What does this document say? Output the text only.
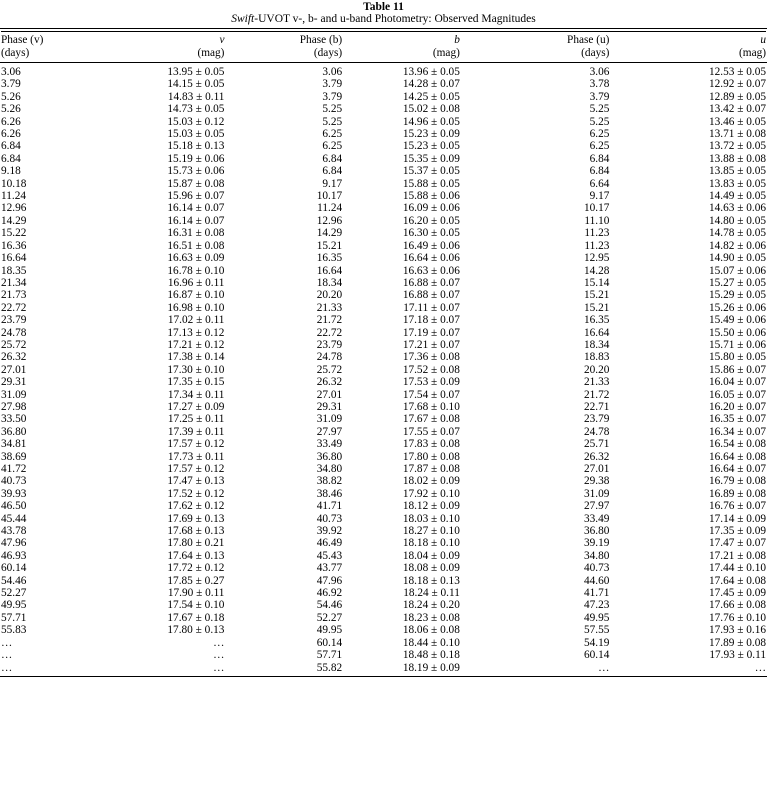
Table 11
Swift-UVOT v-, b- and u-band Photometry: Observed Magnitudes
Phase (v)	v	Phase (b)	b	Phase (u)	u

(days)	(mag)	(days)	(mag)	(days)	(mag)
3.06	13.95 ± 0.05	3.06	13.96 ± 0.05	3.06	12.53 ± 0.05
3.79	14.15 ± 0.05	3.79	14.28 ± 0.07	3.78	12.92 ± 0.07
5.26	14.83 ± 0.11	3.79	14.25 ± 0.05	3.79	12.89 ± 0.05
5.26	14.73 ± 0.05	5.25	15.02 ± 0.08	5.25	13.42 ± 0.07
6.26	15.03 ± 0.12	5.25	14.96 ± 0.05	5.25	13.46 ± 0.05
6.26	15.03 ± 0.05	6.25	15.23 ± 0.09	6.25	13.71 ± 0.08
6.84	15.18 ± 0.13	6.25	15.23 ± 0.05	6.25	13.72 ± 0.05
6.84	15.19 ± 0.06	6.84	15.35 ± 0.09	6.84	13.88 ± 0.08
9.18	15.73 ± 0.06	6.84	15.37 ± 0.05	6.84	13.85 ± 0.05
10.18	15.87 ± 0.08	9.17	15.88 ± 0.05	6.64	13.83 ± 0.05
11.24	15.96 ± 0.07	10.17	15.88 ± 0.06	9.17	14.49 ± 0.05
12.96	16.14 ± 0.07	11.24	16.09 ± 0.06	10.17	14.63 ± 0.06
14.29	16.14 ± 0.07	12.96	16.20 ± 0.05	11.10	14.80 ± 0.05
15.22	16.31 ± 0.08	14.29	16.30 ± 0.05	11.23	14.78 ± 0.05
16.36	16.51 ± 0.08	15.21	16.49 ± 0.06	11.23	14.82 ± 0.06
16.64	16.63 ± 0.09	16.35	16.64 ± 0.06	12.95	14.90 ± 0.05
18.35	16.78 ± 0.10	16.64	16.63 ± 0.06	14.28	15.07 ± 0.06
21.34	16.96 ± 0.11	18.34	16.88 ± 0.07	15.14	15.27 ± 0.05
21.73	16.87 ± 0.10	20.20	16.88 ± 0.07	15.21	15.29 ± 0.05
22.72	16.98 ± 0.10	21.33	17.11 ± 0.07	15.21	15.26 ± 0.06
23.79	17.02 ± 0.11	21.72	17.18 ± 0.07	16.35	15.49 ± 0.06
24.78	17.13 ± 0.12	22.72	17.19 ± 0.07	16.64	15.50 ± 0.06
25.72	17.21 ± 0.12	23.79	17.21 ± 0.07	18.34	15.71 ± 0.06
26.32	17.38 ± 0.14	24.78	17.36 ± 0.08	18.83	15.80 ± 0.05
27.01	17.30 ± 0.10	25.72	17.52 ± 0.08	20.20	15.86 ± 0.07
29.31	17.35 ± 0.15	26.32	17.53 ± 0.09	21.33	16.04 ± 0.07
31.09	17.34 ± 0.11	27.01	17.54 ± 0.07	21.72	16.05 ± 0.07
27.98	17.27 ± 0.09	29.31	17.68 ± 0.10	22.71	16.20 ± 0.07
33.50	17.25 ± 0.11	31.09	17.67 ± 0.08	23.79	16.35 ± 0.07
36.80	17.39 ± 0.11	27.97	17.55 ± 0.07	24.78	16.34 ± 0.07
34.81	17.57 ± 0.12	33.49	17.83 ± 0.08	25.71	16.54 ± 0.08
38.69	17.73 ± 0.11	36.80	17.80 ± 0.08	26.32	16.64 ± 0.08
41.72	17.57 ± 0.12	34.80	17.87 ± 0.08	27.01	16.64 ± 0.07
40.73	17.47 ± 0.13	38.82	18.02 ± 0.09	29.38	16.79 ± 0.08
39.93	17.52 ± 0.12	38.46	17.92 ± 0.10	31.09	16.89 ± 0.08
46.50	17.62 ± 0.12	41.71	18.12 ± 0.09	27.97	16.76 ± 0.07
45.44	17.69 ± 0.13	40.73	18.03 ± 0.10	33.49	17.14 ± 0.09
43.78	17.68 ± 0.13	39.92	18.27 ± 0.10	36.80	17.35 ± 0.09
47.96	17.80 ± 0.21	46.49	18.18 ± 0.10	39.19	17.47 ± 0.07
46.93	17.64 ± 0.13	45.43	18.04 ± 0.09	34.80	17.21 ± 0.08
60.14	17.72 ± 0.12	43.77	18.08 ± 0.09	40.73	17.44 ± 0.10
54.46	17.85 ± 0.27	47.96	18.18 ± 0.13	44.60	17.64 ± 0.08
52.27	17.90 ± 0.11	46.92	18.24 ± 0.11	41.71	17.45 ± 0.09
49.95	17.54 ± 0.10	54.46	18.24 ± 0.20	47.23	17.66 ± 0.08
57.71	17.67 ± 0.18	52.27	18.23 ± 0.08	49.95	17.76 ± 0.10
55.83	17.80 ± 0.13	49.95	18.06 ± 0.08	57.55	17.93 ± 0.16
…	…	60.14	18.44 ± 0.10	54.19	17.89 ± 0.08
…	…	57.71	18.48 ± 0.18	60.14	17.93 ± 0.11
…	…	55.82	18.19 ± 0.09	…	…
